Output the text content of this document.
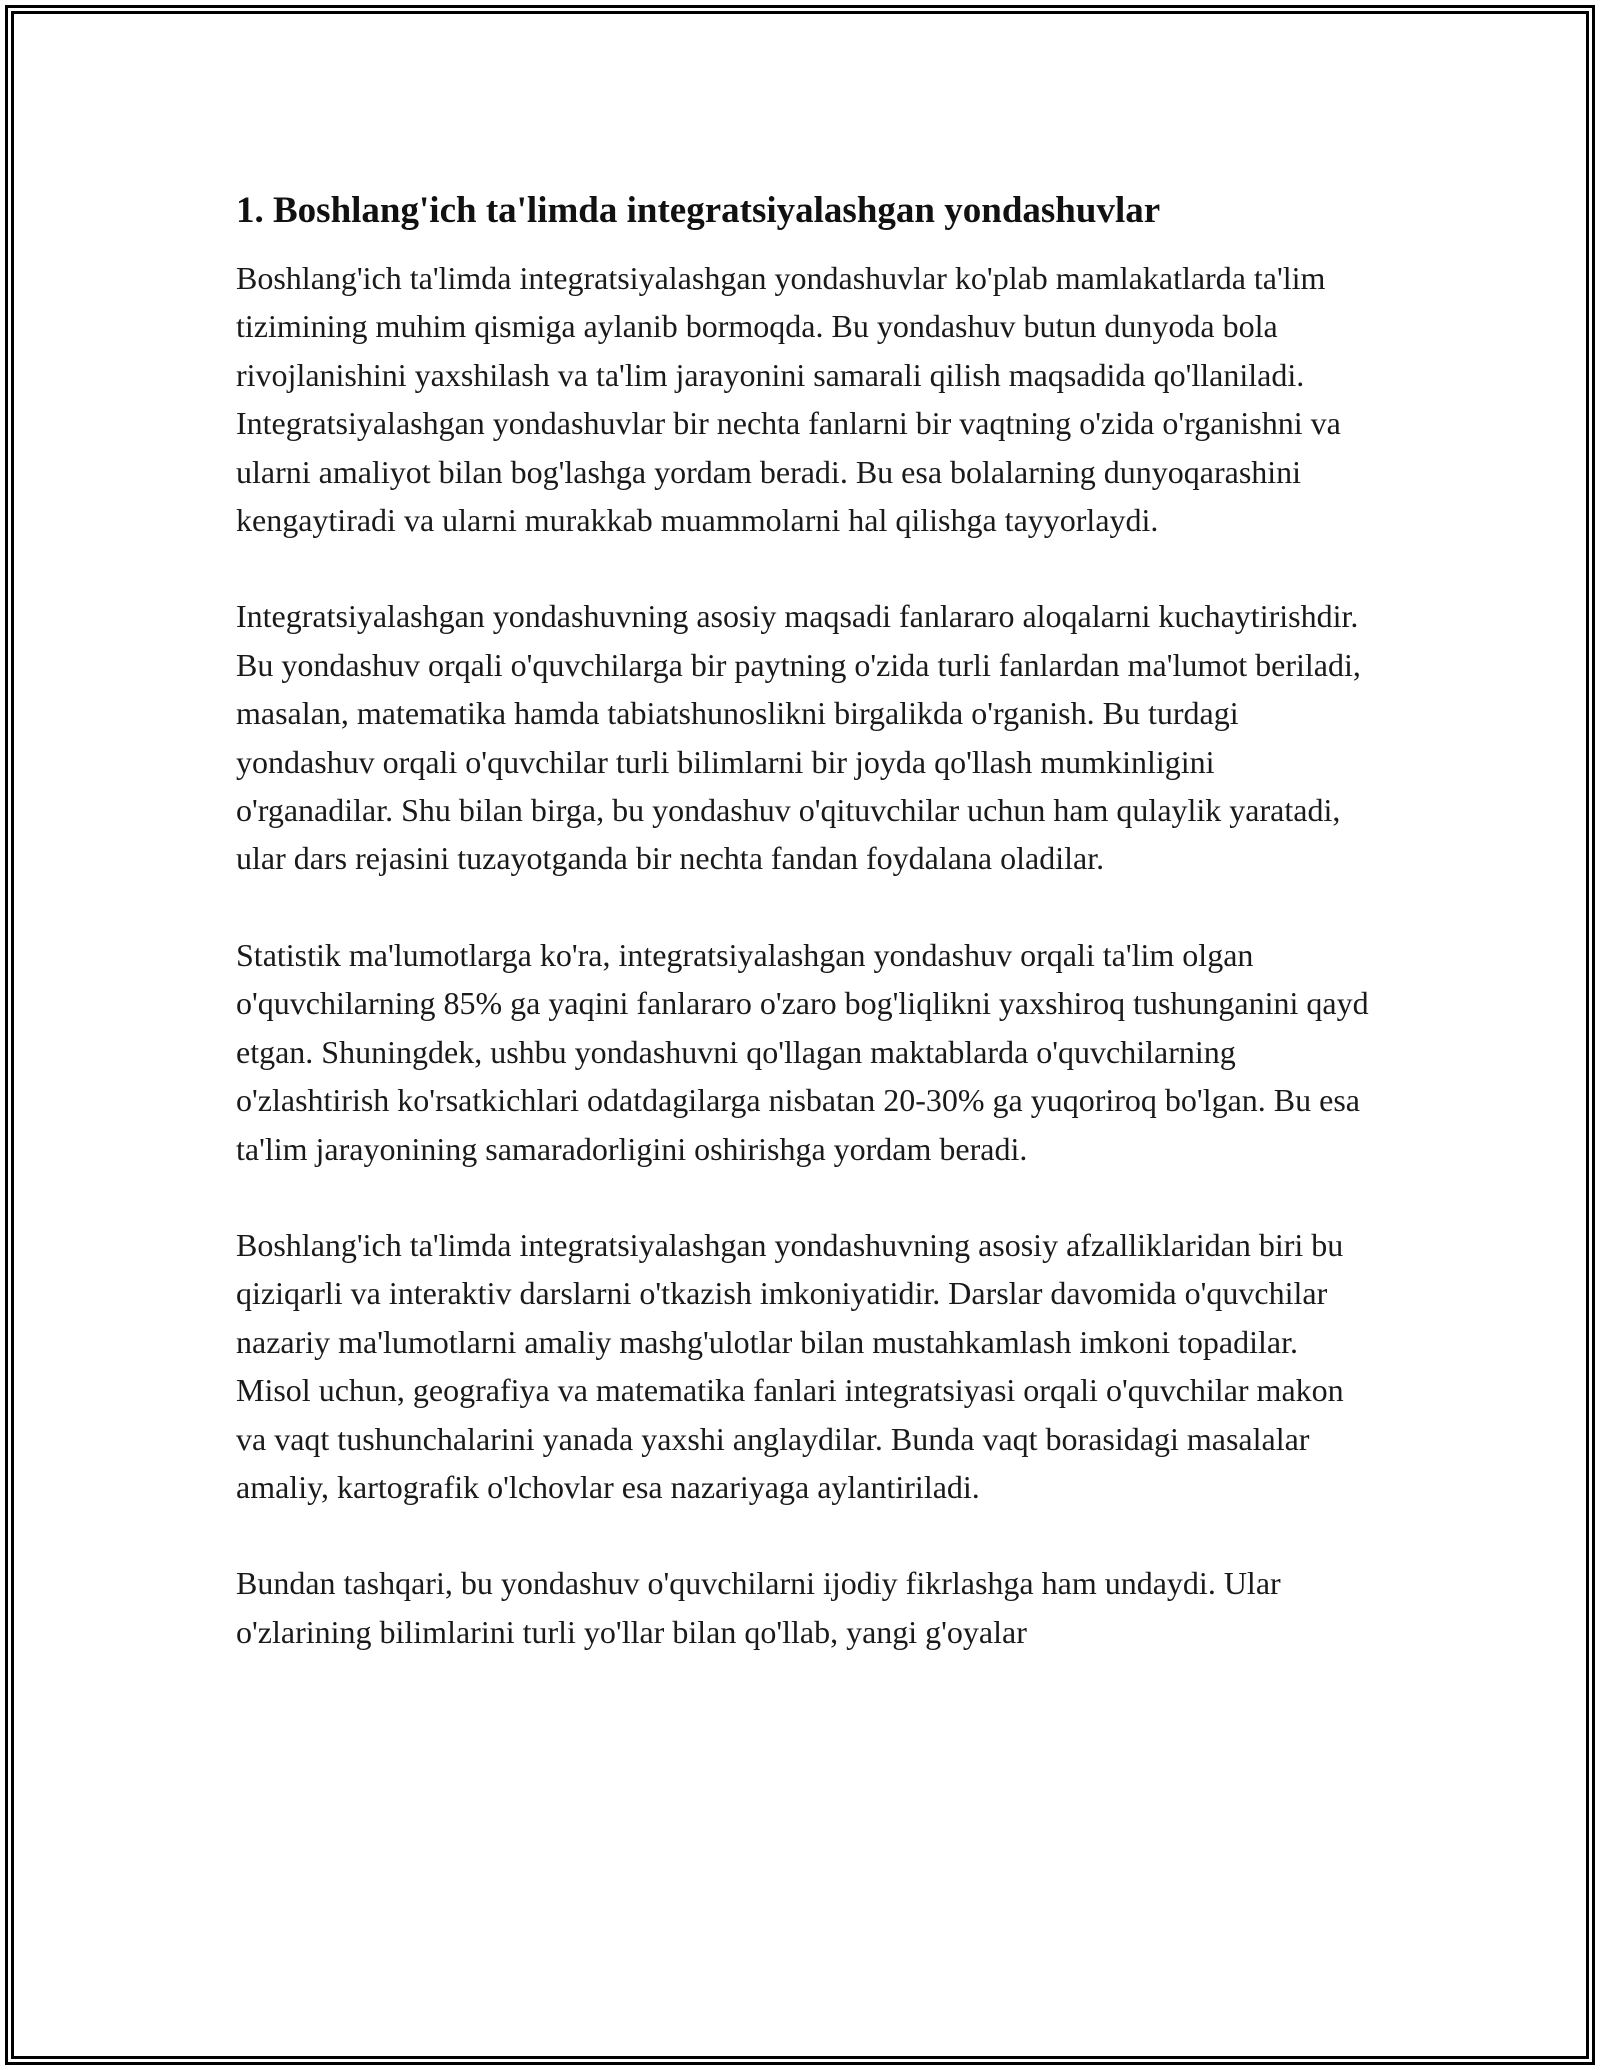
1. Boshlang'ich ta'limda integratsiyalashgan yondashuvlar

Boshlang'ich ta'limda integratsiyalashgan yondashuvlar ko'plab mamlakatlarda ta'lim tizimining muhim qismiga aylanib bormoqda. Bu yondashuv butun dunyoda bola rivojlanishini yaxshilash va ta'lim jarayonini samarali qilish maqsadida qo'llaniladi. Integratsiyalashgan yondashuvlar bir nechta fanlarni bir vaqtning o'zida o'rganishni va ularni amaliyot bilan bog'lashga yordam beradi. Bu esa bolalarning dunyoqarashini kengaytiradi va ularni murakkab muammolarni hal qilishga tayyorlaydi.

Integratsiyalashgan yondashuvning asosiy maqsadi fanlararo aloqalarni kuchaytirishdir. Bu yondashuv orqali o'quvchilarga bir paytning o'zida turli fanlardan ma'lumot beriladi, masalan, matematika hamda tabiatshunoslikni birgalikda o'rganish. Bu turdagi yondashuv orqali o'quvchilar turli bilimlarni bir joyda qo'llash mumkinligini o'rganadilar. Shu bilan birga, bu yondashuv o'qituvchilar uchun ham qulaylik yaratadi, ular dars rejasini tuzayotganda bir nechta fandan foydalana oladilar.

Statistik ma'lumotlarga ko'ra, integratsiyalashgan yondashuv orqali ta'lim olgan o'quvchilarning 85% ga yaqini fanlararo o'zaro bog'liqlikni yaxshiroq tushunganini qayd etgan. Shuningdek, ushbu yondashuvni qo'llagan maktablarda o'quvchilarning o'zlashtirish ko'rsatkichlari odatdagilarga nisbatan 20-30% ga yuqoriroq bo'lgan. Bu esa ta'lim jarayonining samaradorligini oshirishga yordam beradi.

Boshlang'ich ta'limda integratsiyalashgan yondashuvning asosiy afzalliklaridan biri bu qiziqarli va interaktiv darslarni o'tkazish imkoniyatidir. Darslar davomida o'quvchilar nazariy ma'lumotlarni amaliy mashg'ulotlar bilan mustahkamlash imkoni topadilar. Misol uchun, geografiya va matematika fanlari integratsiyasi orqali o'quvchilar makon va vaqt tushunchalarini yanada yaxshi anglaydilar. Bunda vaqt borasidagi masalalar amaliy, kartografik o'lchovlar esa nazariyaga aylantiriladi.

Bundan tashqari, bu yondashuv o'quvchilarni ijodiy fikrlashga ham undaydi. Ular o'zlarining bilimlarini turli yo'llar bilan qo'llab, yangi g'oyalar
